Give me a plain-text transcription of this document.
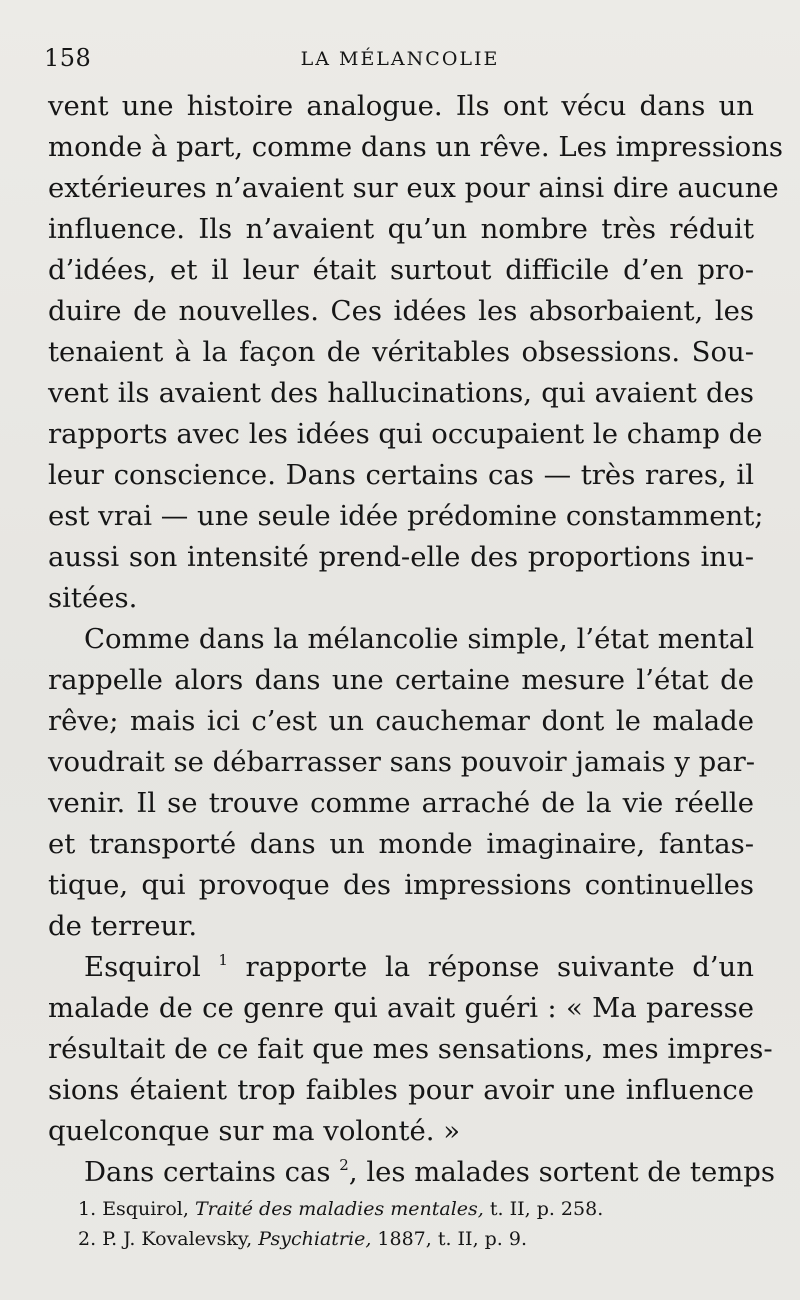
158	LA MÉLANCOLIE
vent une histoire analogue. Ils ont vécu dans un
monde à part, comme dans un rêve. Les impressions
extérieures n’avaient sur eux pour ainsi dire aucune
influence. Ils n’avaient qu’un nombre très réduit
d’idées, et il leur était surtout difficile d’en pro-
duire de nouvelles. Ces idées les absorbaient, les
tenaient à la façon de véritables obsessions. Sou-
vent ils avaient des hallucinations, qui avaient des
rapports avec les idées qui occupaient le champ de
leur conscience. Dans certains cas — très rares, il
est vrai — une seule idée prédomine constamment;
aussi son intensité prend-elle des proportions inu-
sitées.
Comme dans la mélancolie simple, l’état mental
rappelle alors dans une certaine mesure l’état de
rêve; mais ici c’est un cauchemar dont le malade
voudrait se débarrasser sans pouvoir jamais y par-
venir. Il se trouve comme arraché de la vie réelle
et transporté dans un monde imaginaire, fantas-
tique, qui provoque des impressions continuelles
de terreur.
Esquirol $^1$ rapporte la réponse suivante d’un
malade de ce genre qui avait guéri : « Ma paresse
résultait de ce fait que mes sensations, mes impres-
sions étaient trop faibles pour avoir une influence
quelconque sur ma volonté. »
Dans certains cas $^2$, les malades sortent de temps
1. Esquirol, Traité des maladies mentales, t. II, p. 258.
2. P. J. Kovalevsky, Psychiatrie, 1887, t. II, p. 9.
